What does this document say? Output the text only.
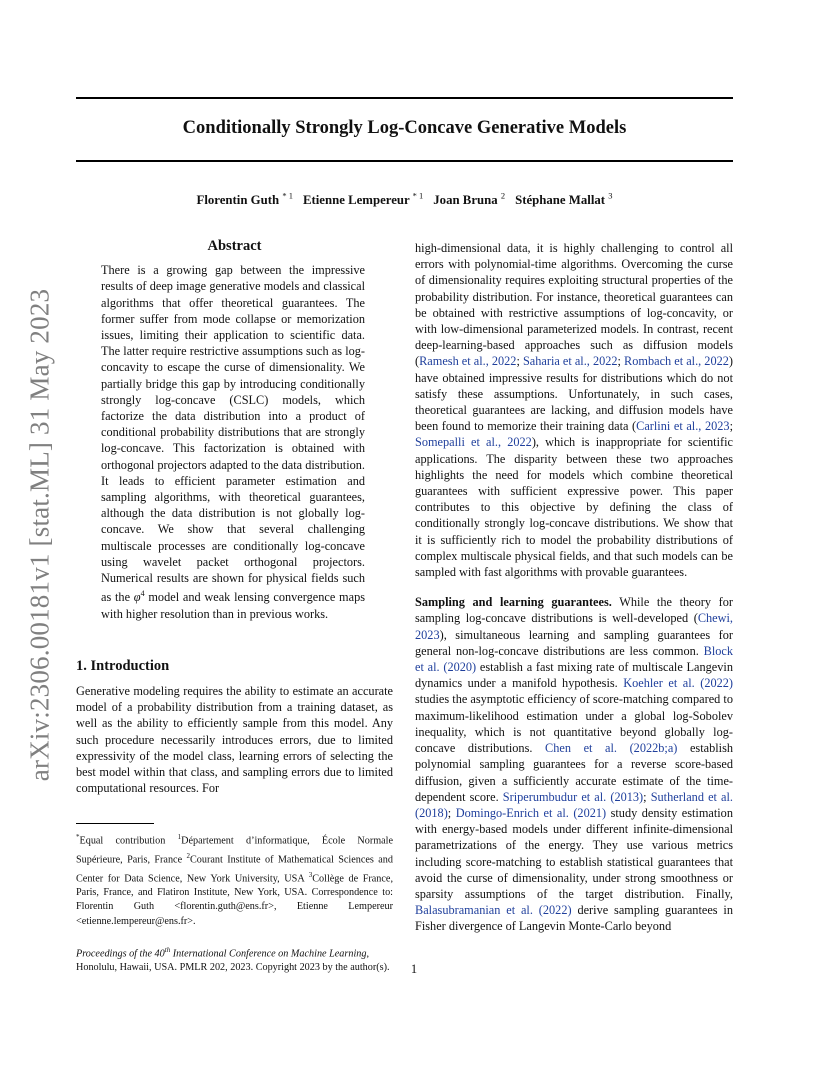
arXiv:2306.00181v1 [stat.ML] 31 May 2023
Conditionally Strongly Log-Concave Generative Models
Florentin Guth $^{* 1}$ Etienne Lempereur $^{* 1}$ Joan Bruna $^2$ Stéphane Mallat $^3$
Abstract

There is a growing gap between the impressive results of deep image generative models and classical algorithms that offer theoretical guarantees. The former suffer from mode collapse or memorization issues, limiting their application to scientific data. The latter require restrictive assumptions such as log-concavity to escape the curse of dimensionality. We partially bridge this gap by introducing conditionally strongly log-concave (CSLC) models, which factorize the data distribution into a product of conditional probability distributions that are strongly log-concave. This factorization is obtained with orthogonal projectors adapted to the data distribution. It leads to efficient parameter estimation and sampling algorithms, with theoretical guarantees, although the data distribution is not globally log-concave. We show that several challenging multiscale processes are conditionally log-concave using wavelet packet orthogonal projectors. Numerical results are shown for physical fields such as the $\varphi^4$ model and weak lensing convergence maps with higher resolution than in previous works.

1. Introduction

Generative modeling requires the ability to estimate an accurate model of a probability distribution from a training dataset, as well as the ability to efficiently sample from this model. Any such procedure necessarily introduces errors, due to limited expressivity of the model class, learning errors of selecting the best model within that class, and sampling errors due to limited computational resources. For

*Equal contribution $^1$Département d’informatique, École Normale Supérieure, Paris, France $^2$Courant Institute of Mathematical Sciences and Center for Data Science, New York University, USA $^3$Collège de France, Paris, France, and Flatiron Institute, New York, USA. Correspondence to: Florentin Guth <florentin.guth@ens.fr>, Etienne Lempereur <etienne.lempereur@ens.fr>.

Proceedings of the 40th International Conference on Machine Learning, Honolulu, Hawaii, USA. PMLR 202, 2023. Copyright 2023 by the author(s).

high-dimensional data, it is highly challenging to control all errors with polynomial-time algorithms. Overcoming the curse of dimensionality requires exploiting structural properties of the probability distribution. For instance, theoretical guarantees can be obtained with restrictive assumptions of log-concavity, or with low-dimensional parameterized models. In contrast, recent deep-learning-based approaches such as diffusion models (Ramesh et al., 2022; Saharia et al., 2022; Rombach et al., 2022) have obtained impressive results for distributions which do not satisfy these assumptions. Unfortunately, in such cases, theoretical guarantees are lacking, and diffusion models have been found to memorize their training data (Carlini et al., 2023; Somepalli et al., 2022), which is inappropriate for scientific applications. The disparity between these two approaches highlights the need for models which combine theoretical guarantees with sufficient expressive power. This paper contributes to this objective by defining the class of conditionally strongly log-concave distributions. We show that it is sufficiently rich to model the probability distributions of complex multiscale physical fields, and that such models can be sampled with fast algorithms with provable guarantees.

Sampling and learning guarantees. While the theory for sampling log-concave distributions is well-developed (Chewi, 2023), simultaneous learning and sampling guarantees for general non-log-concave distributions are less common. Block et al. (2020) establish a fast mixing rate of multiscale Langevin dynamics under a manifold hypothesis. Koehler et al. (2022) studies the asymptotic efficiency of score-matching compared to maximum-likelihood estimation under a global log-Sobolev inequality, which is not quantitative beyond globally log-concave distributions. Chen et al. (2022b;a) establish polynomial sampling guarantees for a reverse score-based diffusion, given a sufficiently accurate estimate of the time-dependent score. Sriperumbudur et al. (2013); Sutherland et al. (2018); Domingo-Enrich et al. (2021) study density estimation with energy-based models under different infinite-dimensional parametrizations of the energy. They use various metrics including score-matching to establish statistical guarantees that avoid the curse of dimensionality, under strong smoothness or sparsity assumptions of the target distribution. Finally, Balasubramanian et al. (2022) derive sampling guarantees in Fisher divergence of Langevin Monte-Carlo beyond

1
